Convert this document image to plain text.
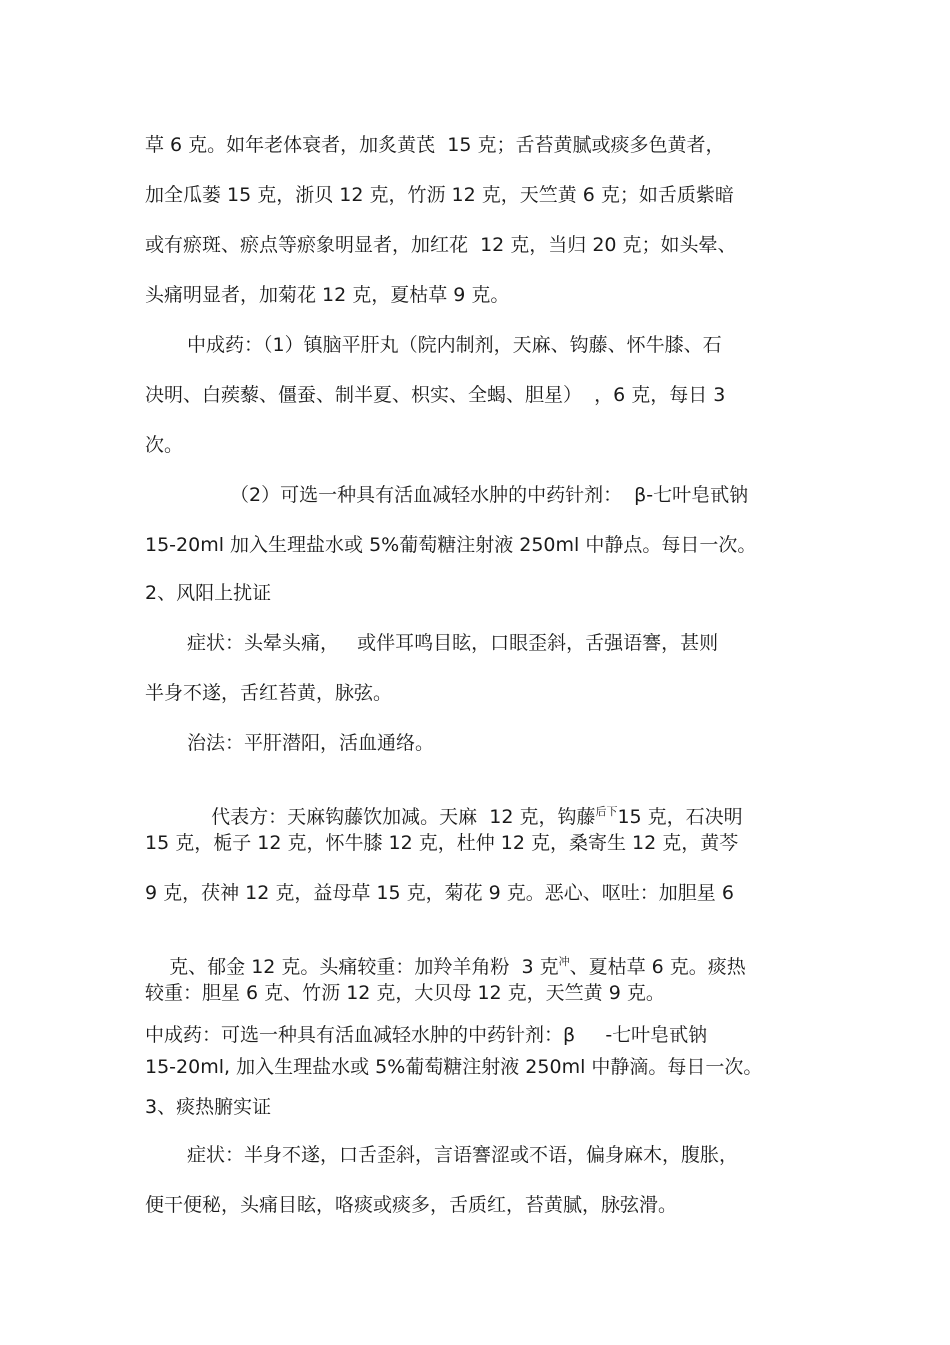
草 6 克。如年老体衰者，加炙黄芪  15 克；舌苔黄腻或痰多色黄者，
加全瓜蒌 15 克，浙贝 12 克，竹沥 12 克，天竺黄 6 克；如舌质紫暗
或有瘀斑、瘀点等瘀象明显者，加红花  12 克，当归 20 克；如头晕、
头痛明显者，加菊花 12 克，夏枯草 9 克。
中成药：（1）镇脑平肝丸（院内制剂，天麻、钩藤、怀牛膝、石
决明、白蒺藜、僵蚕、制半夏、枳实、全蝎、胆星）  ，6 克，每日 3
次。
（2）可选一种具有活血减轻水肿的中药针剂：  β-七叶皂甙钠
15-20ml 加入生理盐水或 5%葡萄糖注射液 250ml 中静点。每日一次。
2、风阳上扰证
症状：头晕头痛，   或伴耳鸣目眩，口眼歪斜，舌强语謇，甚则
半身不遂，舌红苔黄，脉弦。
治法：平肝潜阳，活血通络。

代表方：天麻钩藤饮加减。天麻  12 克，钩藤$^{后下}$15 克，石决明

15 克，栀子 12 克，怀牛膝 12 克，杜仲 12 克，桑寄生 12 克，黄芩
9 克，茯神 12 克，益母草 15 克，菊花 9 克。恶心、呕吐：加胆星 6

克、郁金 12 克。头痛较重：加羚羊角粉  3 克$^冲$、夏枯草 6 克。痰热

较重：胆星 6 克、竹沥 12 克，大贝母 12 克，天竺黄 9 克。
中成药：可选一种具有活血减轻水肿的中药针剂：β     -七叶皂甙钠
15-20ml, 加入生理盐水或 5%葡萄糖注射液 250ml 中静滴。每日一次。
3、痰热腑实证
症状：半身不遂，口舌歪斜，言语謇涩或不语，偏身麻木，腹胀，
便干便秘，头痛目眩，咯痰或痰多，舌质红，苔黄腻，脉弦滑。
